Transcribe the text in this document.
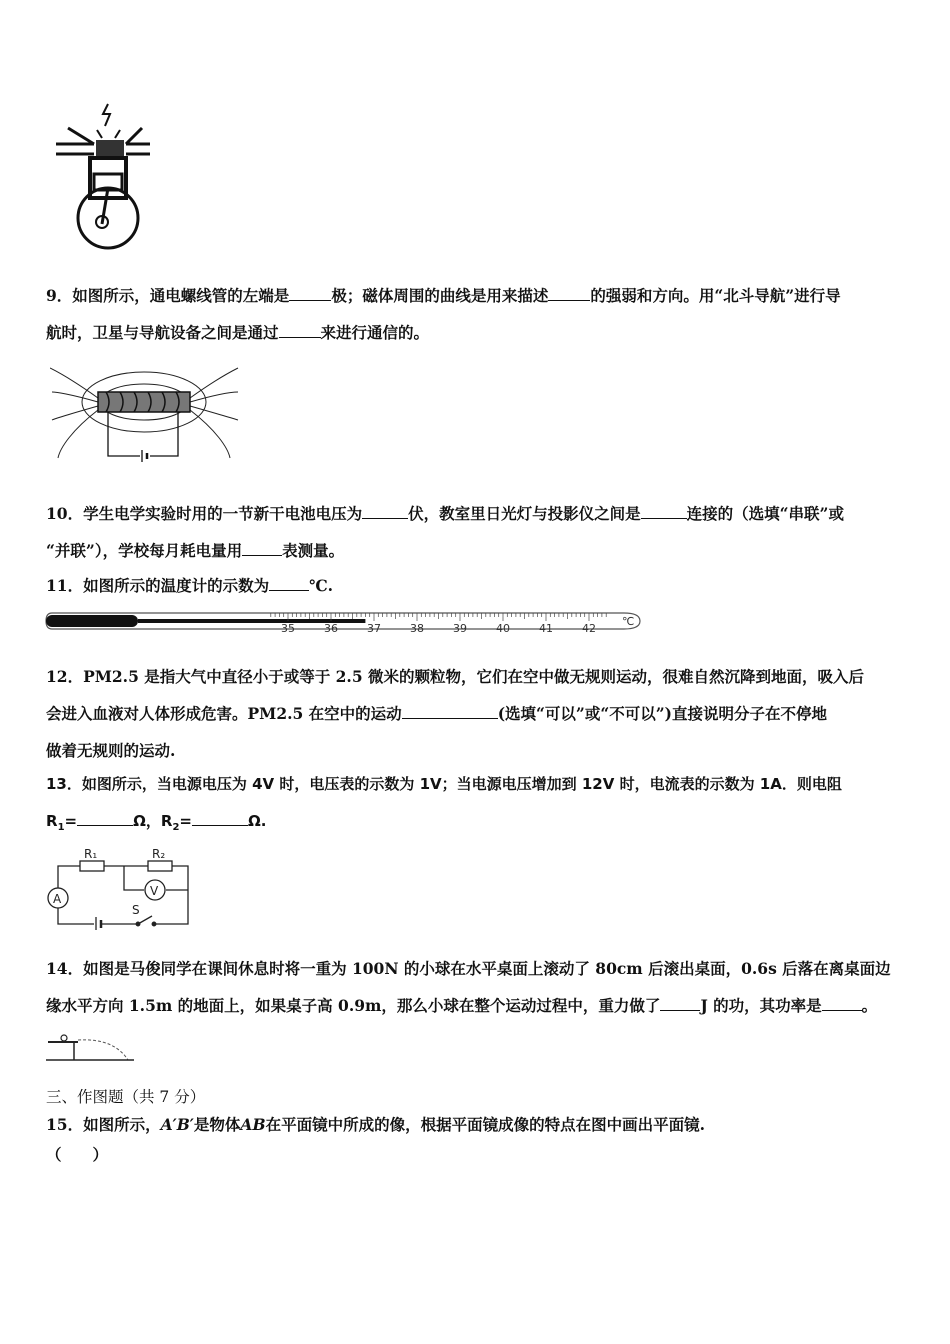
9．如图所示，通电螺线管的左端是	极；磁体周围的曲线是用来描述	的强弱和方向。用“北斗导航”进行导
航时，卫星与导航设备之间是通过	来进行通信的。
10．学生电学实验时用的一节新干电池电压为	伏，教室里日光灯与投影仪之间是	连接的（选填“串联”或
“并联”），学校每月耗电量用	表测量。
11．如图所示的温度计的示数为	℃.
35	36	37	38	39	40	41	42
℃
12．PM2.5 是指大气中直径小于或等于 2.5 微米的颗粒物，它们在空中做无规则运动，很难自然沉降到地面，吸入后
会进入血液对人体形成危害。PM2.5 在空中的运动	(选填“可以”或“不可以”)直接说明分子在不停地
做着无规则的运动.
13．如图所示，当电源电压为 4V 时，电压表的示数为 1V；当电源电压增加到 12V 时，电流表的示数为 1A．则电阻
$R_1=$	Ω，$R_2=$	Ω.
R₁	R₂
A
V
S
14．如图是马俊同学在课间休息时将一重为 100N 的小球在水平桌面上滚动了 80cm 后滚出桌面，0.6s 后落在离桌面边
缘水平方向 1.5m 的地面上，如果桌子高 0.9m，那么小球在整个运动过程中，重力做了	J 的功，其功率是	。
三、作图题（共 7 分）
15．如图所示，A′B′是物体AB在平面镜中所成的像，根据平面镜成像的特点在图中画出平面镜.
（　　）
